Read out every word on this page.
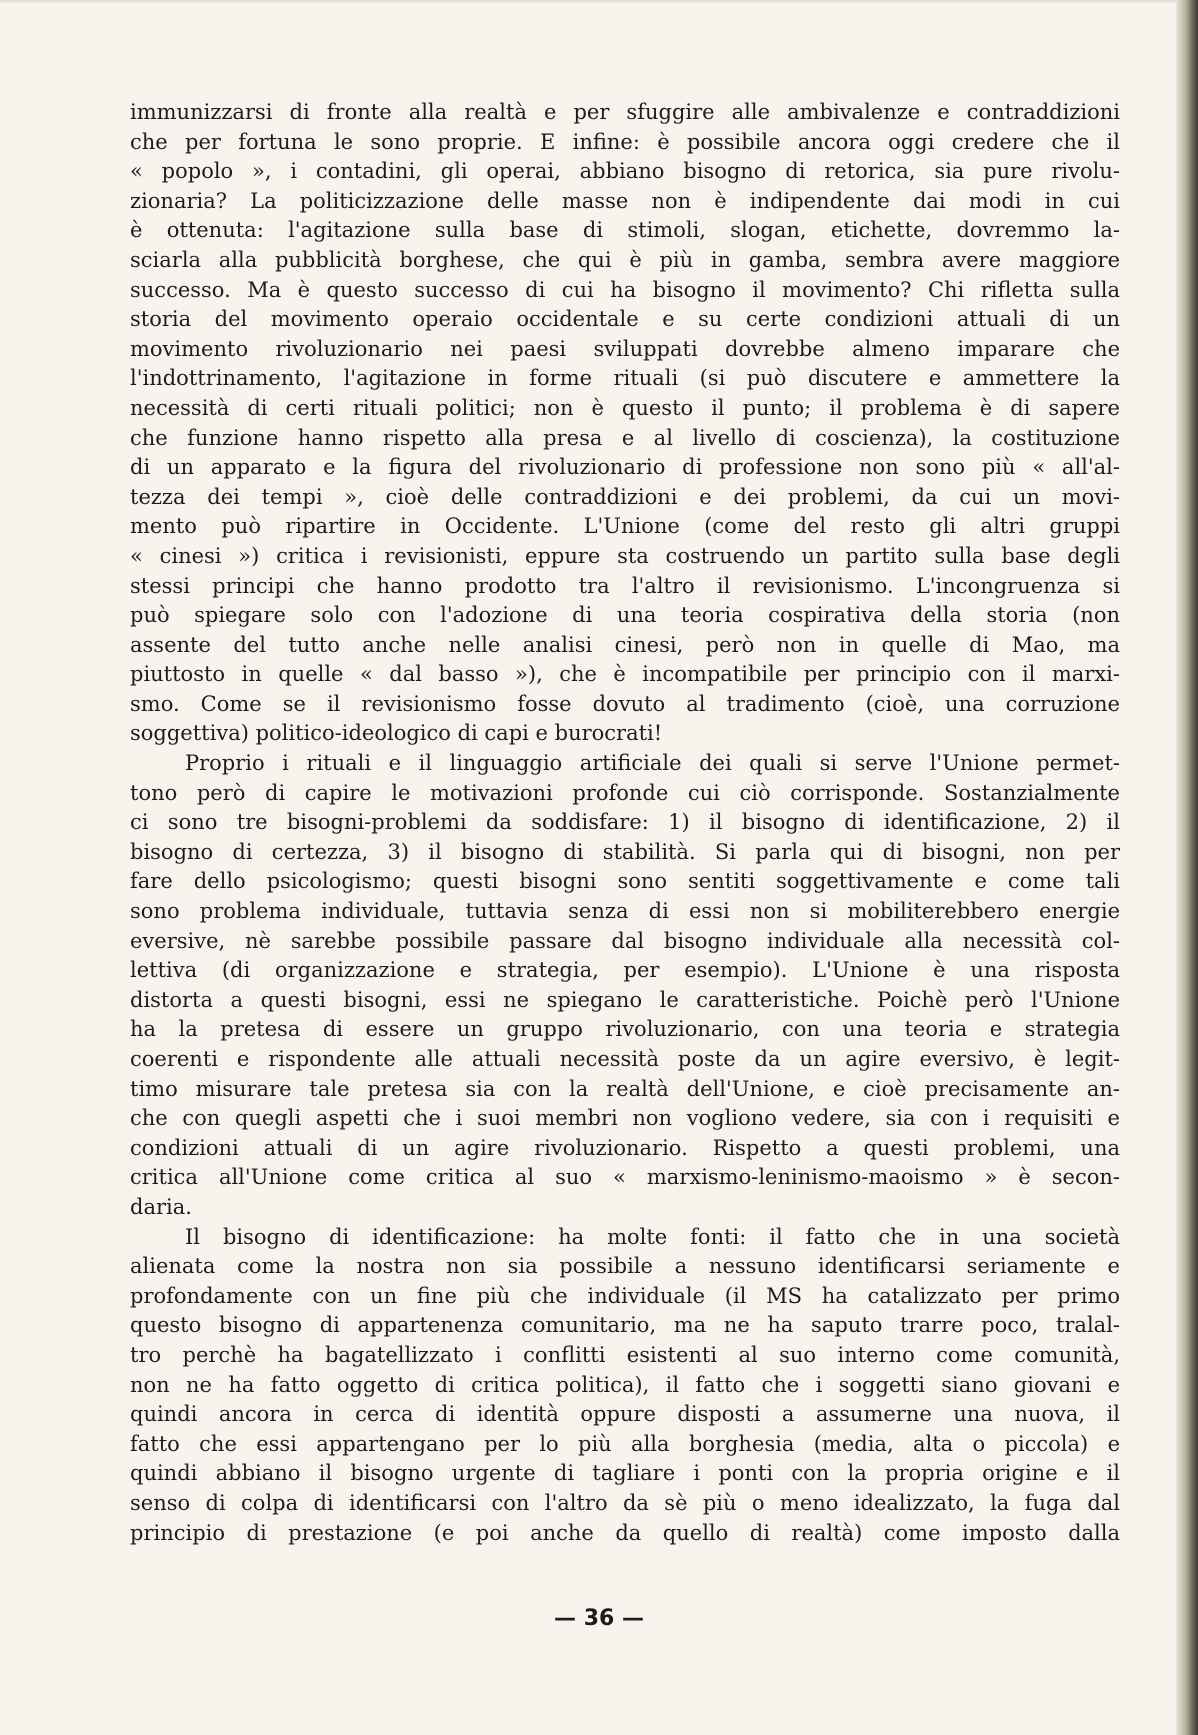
immunizzarsi di fronte alla realtà e per sfuggire alle ambivalenze e contraddizioni
che per fortuna le sono proprie. E infine: è possibile ancora oggi credere che il
« popolo », i contadini, gli operai, abbiano bisogno di retorica, sia pure rivolu-
zionaria? La politicizzazione delle masse non è indipendente dai modi in cui
è ottenuta: l'agitazione sulla base di stimoli, slogan, etichette, dovremmo la-
sciarla alla pubblicità borghese, che qui è più in gamba, sembra avere maggiore
successo. Ma è questo successo di cui ha bisogno il movimento? Chi rifletta sulla
storia del movimento operaio occidentale e su certe condizioni attuali di un
movimento rivoluzionario nei paesi sviluppati dovrebbe almeno imparare che
l'indottrinamento, l'agitazione in forme rituali (si può discutere e ammettere la
necessità di certi rituali politici; non è questo il punto; il problema è di sapere
che funzione hanno rispetto alla presa e al livello di coscienza), la costituzione
di un apparato e la figura del rivoluzionario di professione non sono più « all'al-
tezza dei tempi », cioè delle contraddizioni e dei problemi, da cui un movi-
mento può ripartire in Occidente. L'Unione (come del resto gli altri gruppi
« cinesi ») critica i revisionisti, eppure sta costruendo un partito sulla base degli
stessi principi che hanno prodotto tra l'altro il revisionismo. L'incongruenza si
può spiegare solo con l'adozione di una teoria cospirativa della storia (non
assente del tutto anche nelle analisi cinesi, però non in quelle di Mao, ma
piuttosto in quelle « dal basso »), che è incompatibile per principio con il marxi-
smo. Come se il revisionismo fosse dovuto al tradimento (cioè, una corruzione
soggettiva) politico-ideologico di capi e burocrati!
Proprio i rituali e il linguaggio artificiale dei quali si serve l'Unione permet-
tono però di capire le motivazioni profonde cui ciò corrisponde. Sostanzialmente
ci sono tre bisogni-problemi da soddisfare: 1) il bisogno di identificazione, 2) il
bisogno di certezza, 3) il bisogno di stabilità. Si parla qui di bisogni, non per
fare dello psicologismo; questi bisogni sono sentiti soggettivamente e come tali
sono problema individuale, tuttavia senza di essi non si mobiliterebbero energie
eversive, nè sarebbe possibile passare dal bisogno individuale alla necessità col-
lettiva (di organizzazione e strategia, per esempio). L'Unione è una risposta
distorta a questi bisogni, essi ne spiegano le caratteristiche. Poichè però l'Unione
ha la pretesa di essere un gruppo rivoluzionario, con una teoria e strategia
coerenti e rispondente alle attuali necessità poste da un agire eversivo, è legit-
timo misurare tale pretesa sia con la realtà dell'Unione, e cioè precisamente an-
che con quegli aspetti che i suoi membri non vogliono vedere, sia con i requisiti e
condizioni attuali di un agire rivoluzionario. Rispetto a questi problemi, una
critica all'Unione come critica al suo « marxismo-leninismo-maoismo » è secon-
daria.
Il bisogno di identificazione: ha molte fonti: il fatto che in una società
alienata come la nostra non sia possibile a nessuno identificarsi seriamente e
profondamente con un fine più che individuale (il MS ha catalizzato per primo
questo bisogno di appartenenza comunitario, ma ne ha saputo trarre poco, tralal-
tro perchè ha bagatellizzato i conflitti esistenti al suo interno come comunità,
non ne ha fatto oggetto di critica politica), il fatto che i soggetti siano giovani e
quindi ancora in cerca di identità oppure disposti a assumerne una nuova, il
fatto che essi appartengano per lo più alla borghesia (media, alta o piccola) e
quindi abbiano il bisogno urgente di tagliare i ponti con la propria origine e il
senso di colpa di identificarsi con l'altro da sè più o meno idealizzato, la fuga dal
principio di prestazione (e poi anche da quello di realtà) come imposto dalla
— 36 —
